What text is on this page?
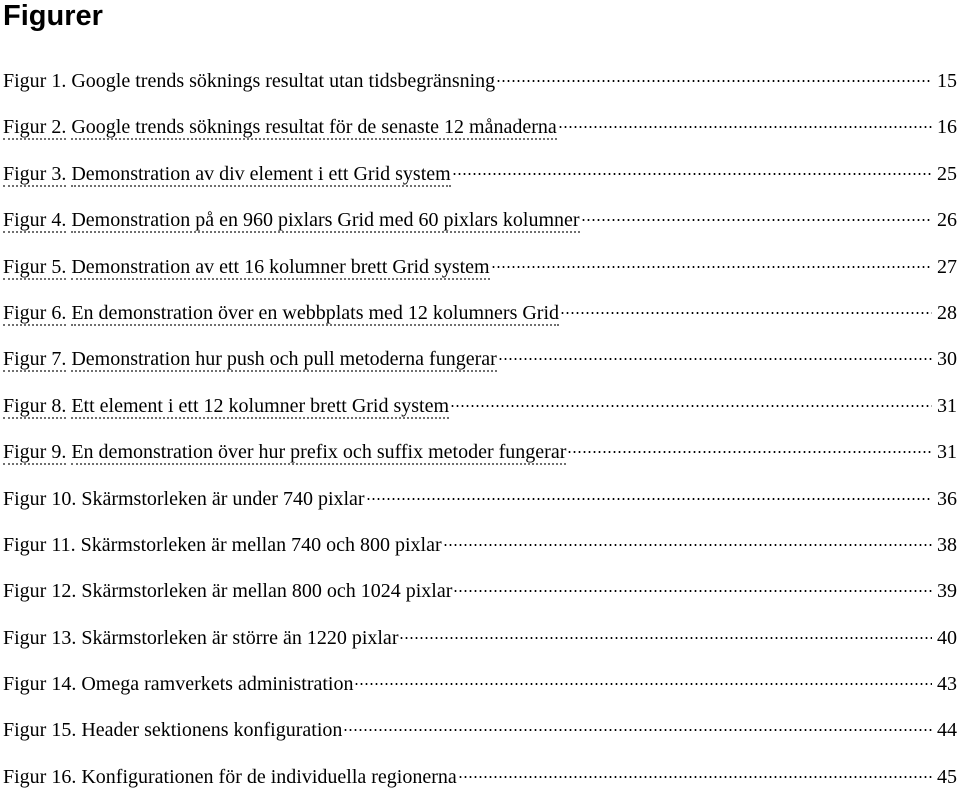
Figurer
Figur 1. Google trends söknings resultat utan tidsbegränsning	15
Figur 2. Google trends söknings resultat för de senaste 12 månaderna	16
Figur 3. Demonstration av div element i ett Grid system	25
Figur 4. Demonstration på en 960 pixlars Grid med 60 pixlars kolumner	26
Figur 5. Demonstration av ett 16 kolumner brett Grid system	27
Figur 6. En demonstration över en webbplats med 12 kolumners Grid	28
Figur 7. Demonstration hur push och pull metoderna fungerar	30
Figur 8. Ett element i ett 12 kolumner brett Grid system	31
Figur 9. En demonstration över hur prefix och suffix metoder fungerar	31
Figur 10. Skärmstorleken är under 740 pixlar	36
Figur 11. Skärmstorleken är mellan 740 och 800 pixlar	38
Figur 12. Skärmstorleken är mellan 800 och 1024 pixlar	39
Figur 13. Skärmstorleken är större än 1220 pixlar	40
Figur 14. Omega ramverkets administration	43
Figur 15. Header sektionens konfiguration	44
Figur 16. Konfigurationen för de individuella regionerna	45
